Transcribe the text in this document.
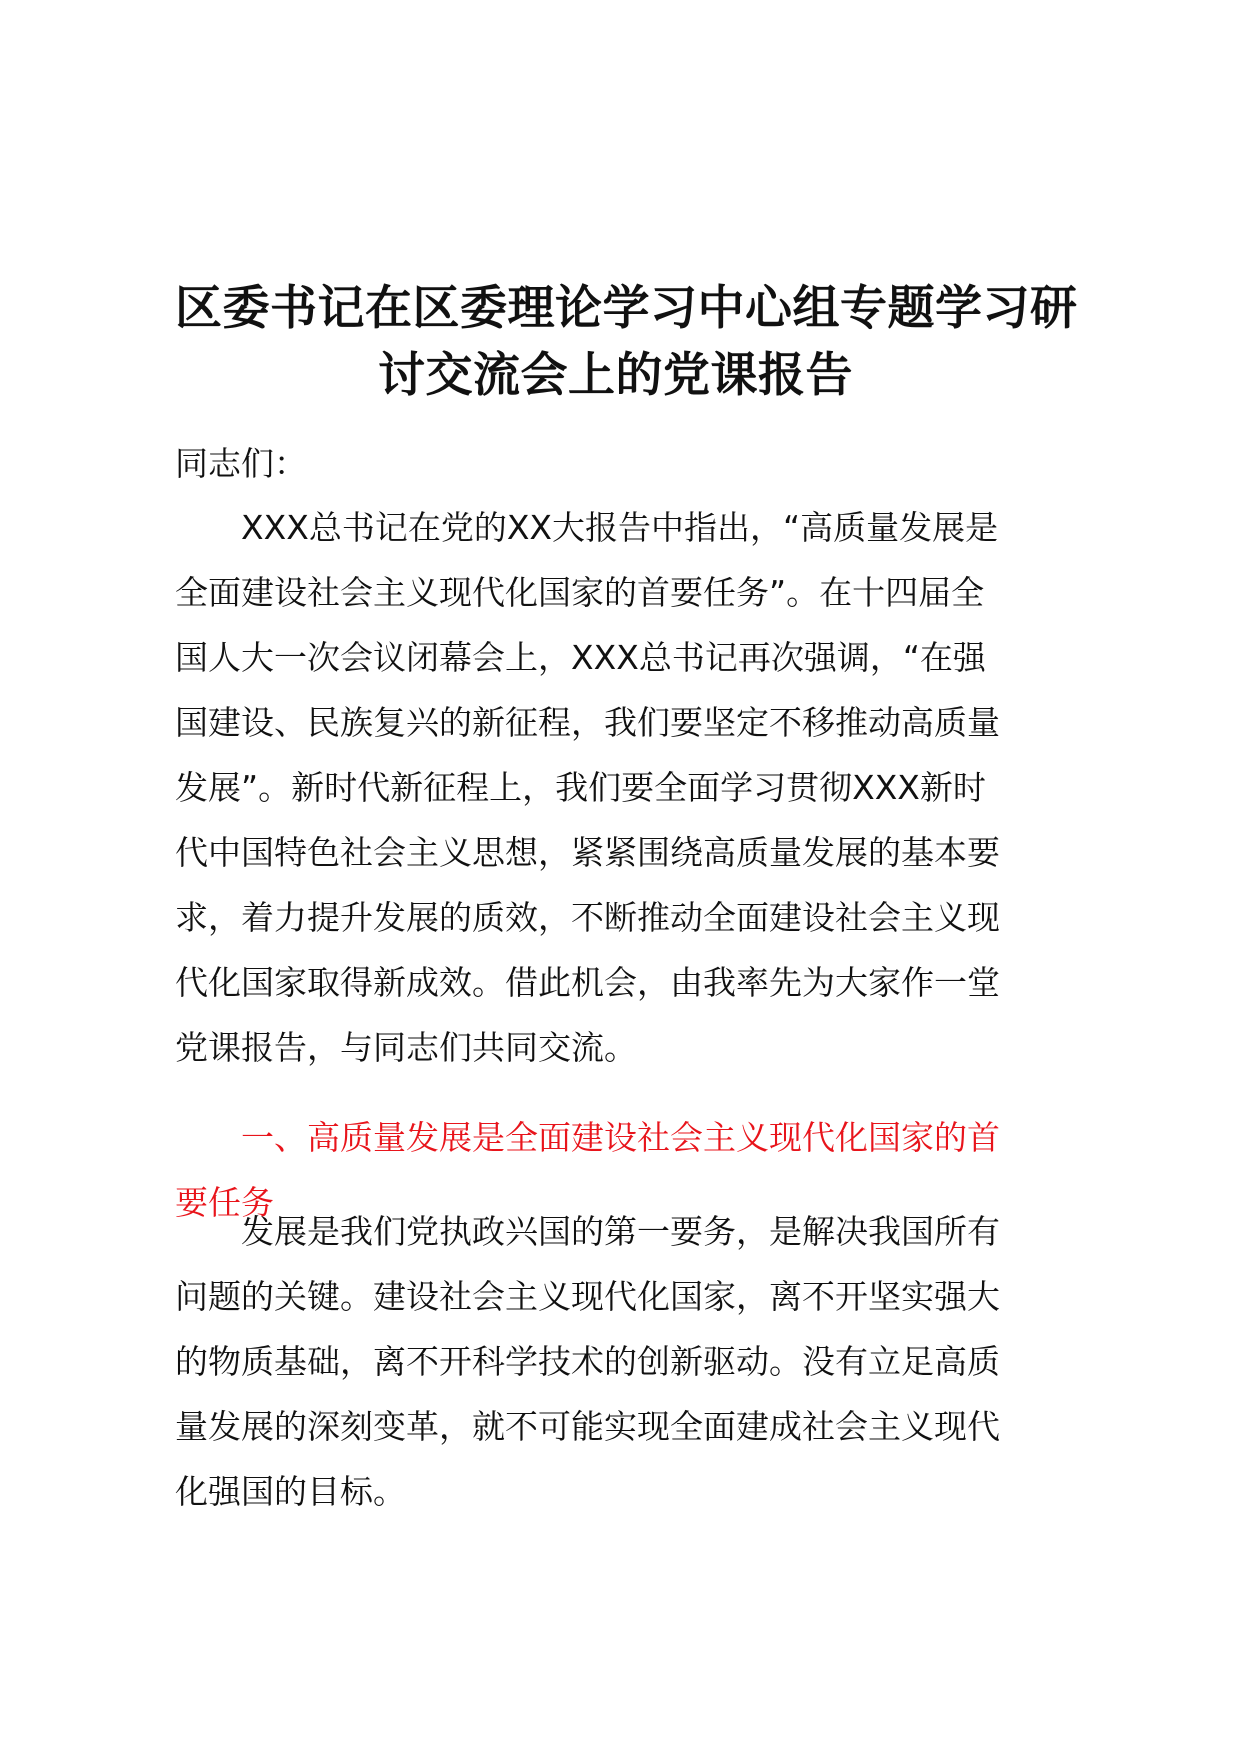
区委书记在区委理论学习中心组专题学习研
讨交流会上的党课报告
同志们：
XXX总书记在党的XX大报告中指出，“高质量发展是
全面建设社会主义现代化国家的首要任务”。在十四届全
国人大一次会议闭幕会上，XXX总书记再次强调，“在强
国建设、民族复兴的新征程，我们要坚定不移推动高质量
发展”。新时代新征程上，我们要全面学习贯彻XXX新时
代中国特色社会主义思想，紧紧围绕高质量发展的基本要
求，着力提升发展的质效，不断推动全面建设社会主义现
代化国家取得新成效。借此机会，由我率先为大家作一堂
党课报告，与同志们共同交流。
一、高质量发展是全面建设社会主义现代化国家的首
要任务
发展是我们党执政兴国的第一要务，是解决我国所有
问题的关键。建设社会主义现代化国家，离不开坚实强大
的物质基础，离不开科学技术的创新驱动。没有立足高质
量发展的深刻变革，就不可能实现全面建成社会主义现代
化强国的目标。
